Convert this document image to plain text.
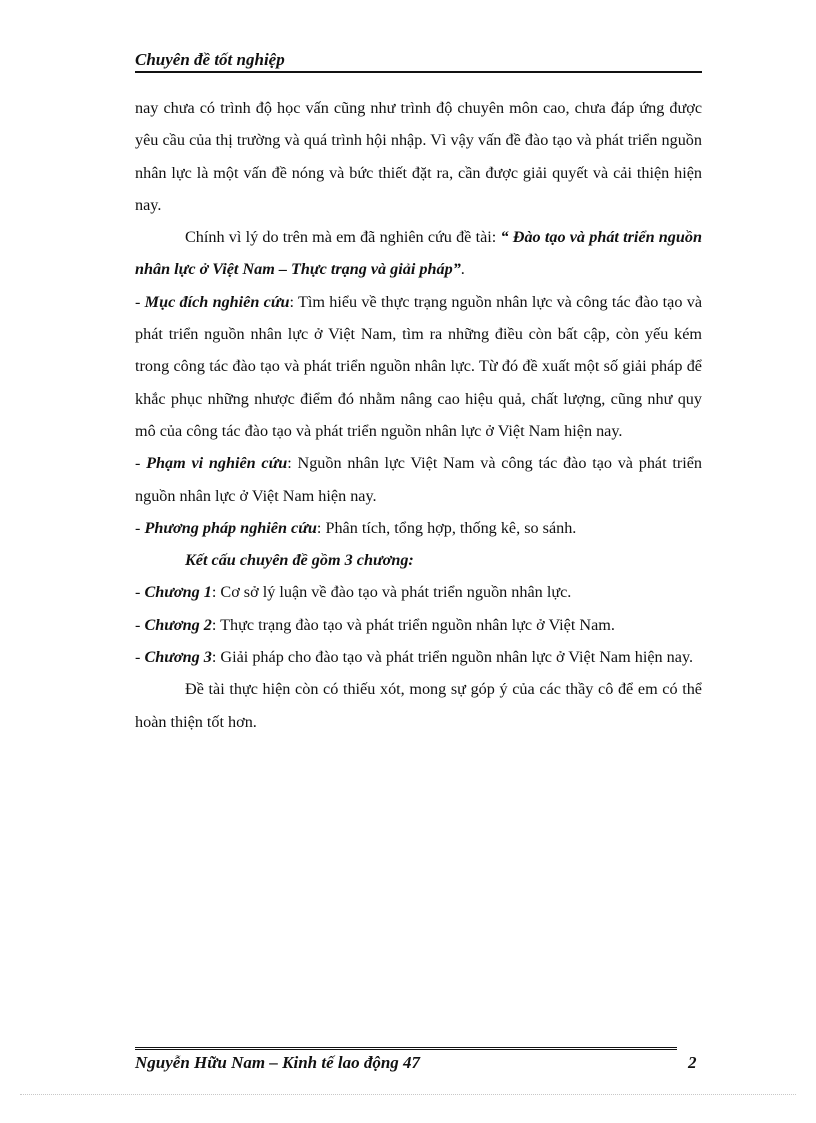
Chuyên đề tốt nghiệp

nay chưa có trình độ học vấn cũng như trình độ chuyên môn cao, chưa đáp ứng được yêu cầu của thị trường và quá trình hội nhập. Vì vậy vấn đề đào tạo và phát triển nguồn nhân lực là một vấn đề nóng và bức thiết đặt ra, cần được giải quyết và cải thiện hiện nay.

Chính vì lý do trên mà em đã nghiên cứu đề tài: “ Đào tạo và phát triển nguồn nhân lực ở Việt Nam – Thực trạng và giải pháp”.

- Mục đích nghiên cứu: Tìm hiểu về thực trạng nguồn nhân lực và công tác đào tạo và phát triển nguồn nhân lực ở Việt Nam, tìm ra những điều còn bất cập, còn yếu kém trong công tác đào tạo và phát triển nguồn nhân lực. Từ đó đề xuất một số giải pháp để khắc phục những nhược điểm đó nhằm nâng cao hiệu quả, chất lượng, cũng như quy mô của công tác đào tạo và phát triển nguồn nhân lực ở Việt Nam hiện nay.

- Phạm vi nghiên cứu: Nguồn nhân lực Việt Nam và công tác đào tạo và phát triển nguồn nhân lực ở Việt Nam hiện nay.

- Phương pháp nghiên cứu: Phân tích, tổng hợp, thống kê, so sánh.

Kết cấu chuyên đề gồm 3 chương:

- Chương 1: Cơ sở lý luận về đào tạo và phát triển nguồn nhân lực.

- Chương 2: Thực trạng đào tạo và phát triển nguồn nhân lực ở Việt Nam.

- Chương 3: Giải pháp cho đào tạo và phát triển nguồn nhân lực ở Việt Nam hiện nay.

Đề tài thực hiện còn có thiếu xót, mong sự góp ý của các thầy cô để em có thể hoàn thiện tốt hơn.

Nguyễn Hữu Nam – Kinh tế lao động 47	2
